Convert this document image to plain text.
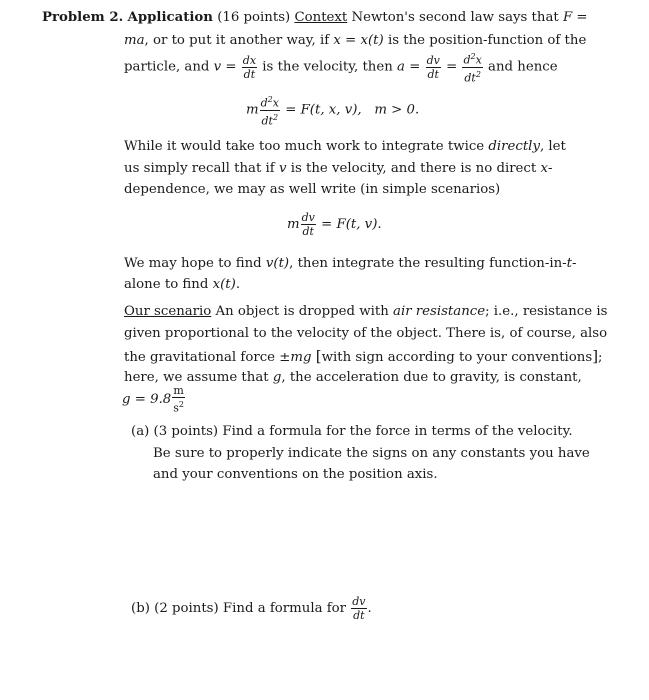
Problem 2. Application (16 points) Context Newton's second law says that F =
ma, or to put it another way, if x = x(t) is the position-function of the
particle, and $v = \frac{dx}{dt}$ is the velocity, then $a = \frac{dv}{dt} = \frac{d^2x}{dt^2}$ and hence
m $\frac{d^2x}{dt^2} = F(t$, x, v), m > 0.
While it would take too much work to integrate twice directly, let
us simply recall that if v is the velocity, and there is no direct x-
dependence, we may as well write (in simple scenarios)
m $\frac{dv}{dt} = F(t$, v).
We may hope to find v(t), then integrate the resulting function-in-t-
alone to find x(t).
Our scenario An object is dropped with air resistance; i.e., resistance is
given proportional to the velocity of the object. There is, of course, also
the gravitational force ±mg [with sign according to your conventions];
here, we assume that g, the acceleration due to gravity, is constant,
$g = 9.8 \frac{m}{s^2}$
(a) (3 points) Find a formula for the force in terms of the velocity.
Be sure to properly indicate the signs on any constants you have
and your conventions on the position axis.
(b) (2 points) Find a formula for $\frac{dv}{dt}$ .
